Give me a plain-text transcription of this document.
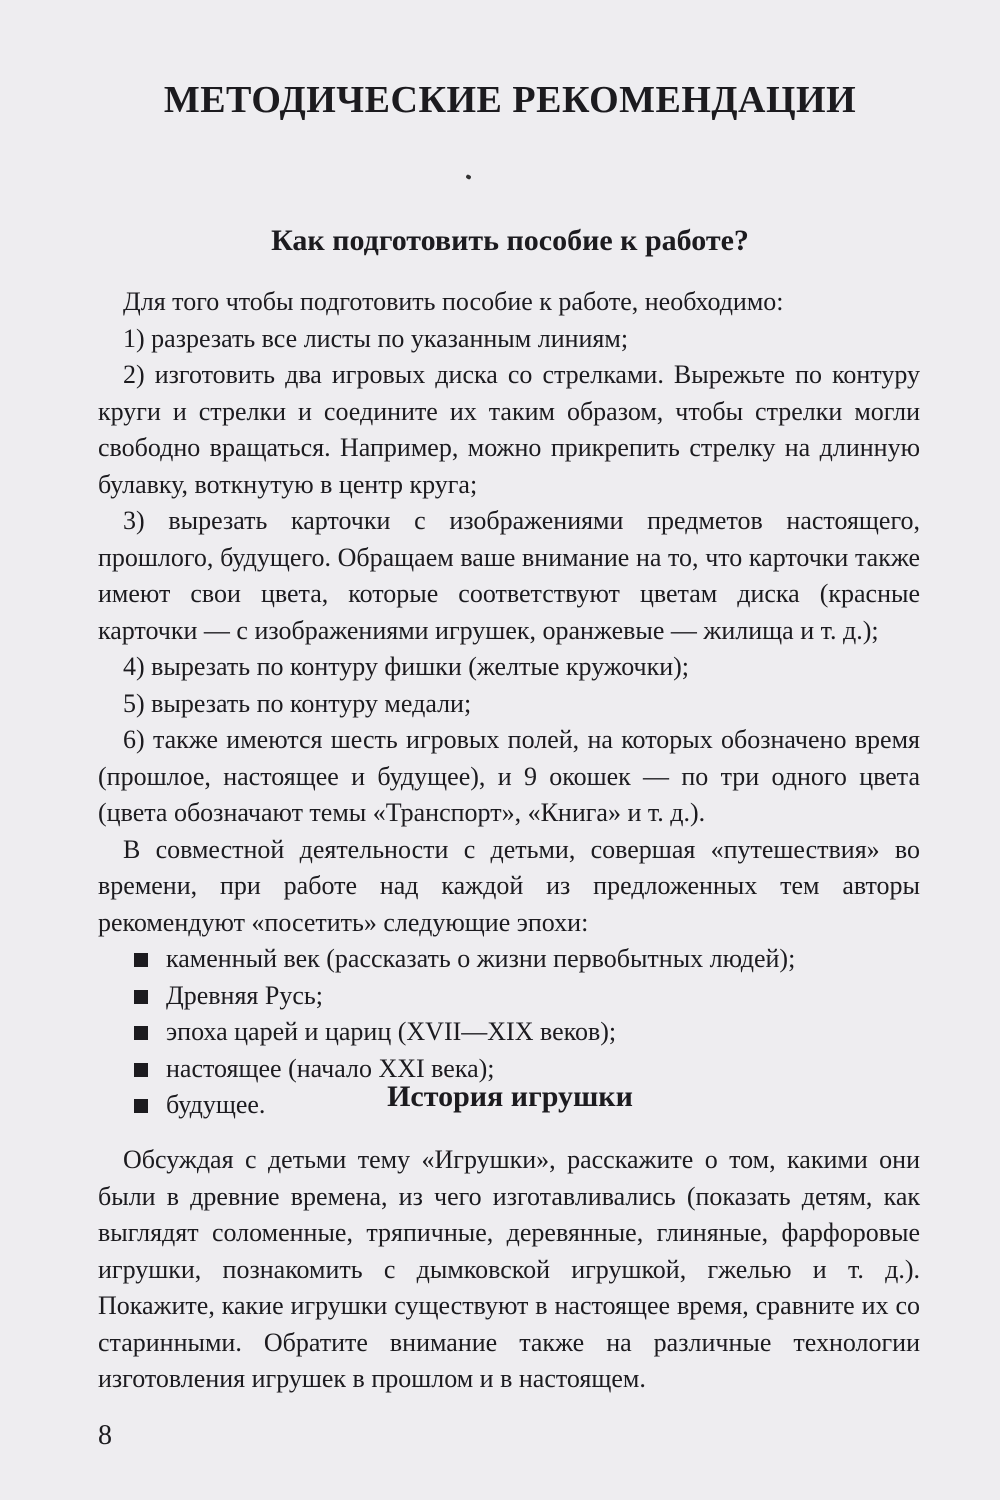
МЕТОДИЧЕСКИЕ РЕКОМЕНДАЦИИ
Как подготовить пособие к работе?

Для того чтобы подготовить пособие к работе, необходимо:

1) разрезать все листы по указанным линиям;

2) изготовить два игровых диска со стрелками. Вырежьте по контуру круги и стрелки и соедините их таким образом, чтобы стрелки могли свободно вращаться. Например, можно прикрепить стрелку на длинную булавку, воткнутую в центр круга;

3) вырезать карточки с изображениями предметов настоящего, прошлого, будущего. Обращаем ваше внимание на то, что карточки также имеют свои цвета, которые соответствуют цветам диска (красные карточки — с изображениями игрушек, оранжевые — жилища и т. д.);

4) вырезать по контуру фишки (желтые кружочки);

5) вырезать по контуру медали;

6) также имеются шесть игровых полей, на которых обозначено время (прошлое, настоящее и будущее), и 9 окошек — по три одного цвета (цвета обозначают темы «Транспорт», «Книга» и т. д.).

В совместной деятельности с детьми, совершая «путешествия» во времени, при работе над каждой из предложенных тем авторы рекомендуют «посетить» следующие эпохи:

каменный век (рассказать о жизни первобытных людей);
Древняя Русь;
эпоха царей и цариц (XVII—XIX веков);
настоящее (начало XXI века);
будущее.	История игрушки

Обсуждая с детьми тему «Игрушки», расскажите о том, какими они были в древние времена, из чего изготавливались (показать детям, как выглядят соломенные, тряпичные, деревянные, глиняные, фарфоровые игрушки, познакомить с дымковской игрушкой, гжелью и т. д.). Покажите, какие игрушки существуют в настоящее время, сравните их со старинными. Обратите внимание также на различные технологии изготовления игрушек в прошлом и в настоящем.

8
